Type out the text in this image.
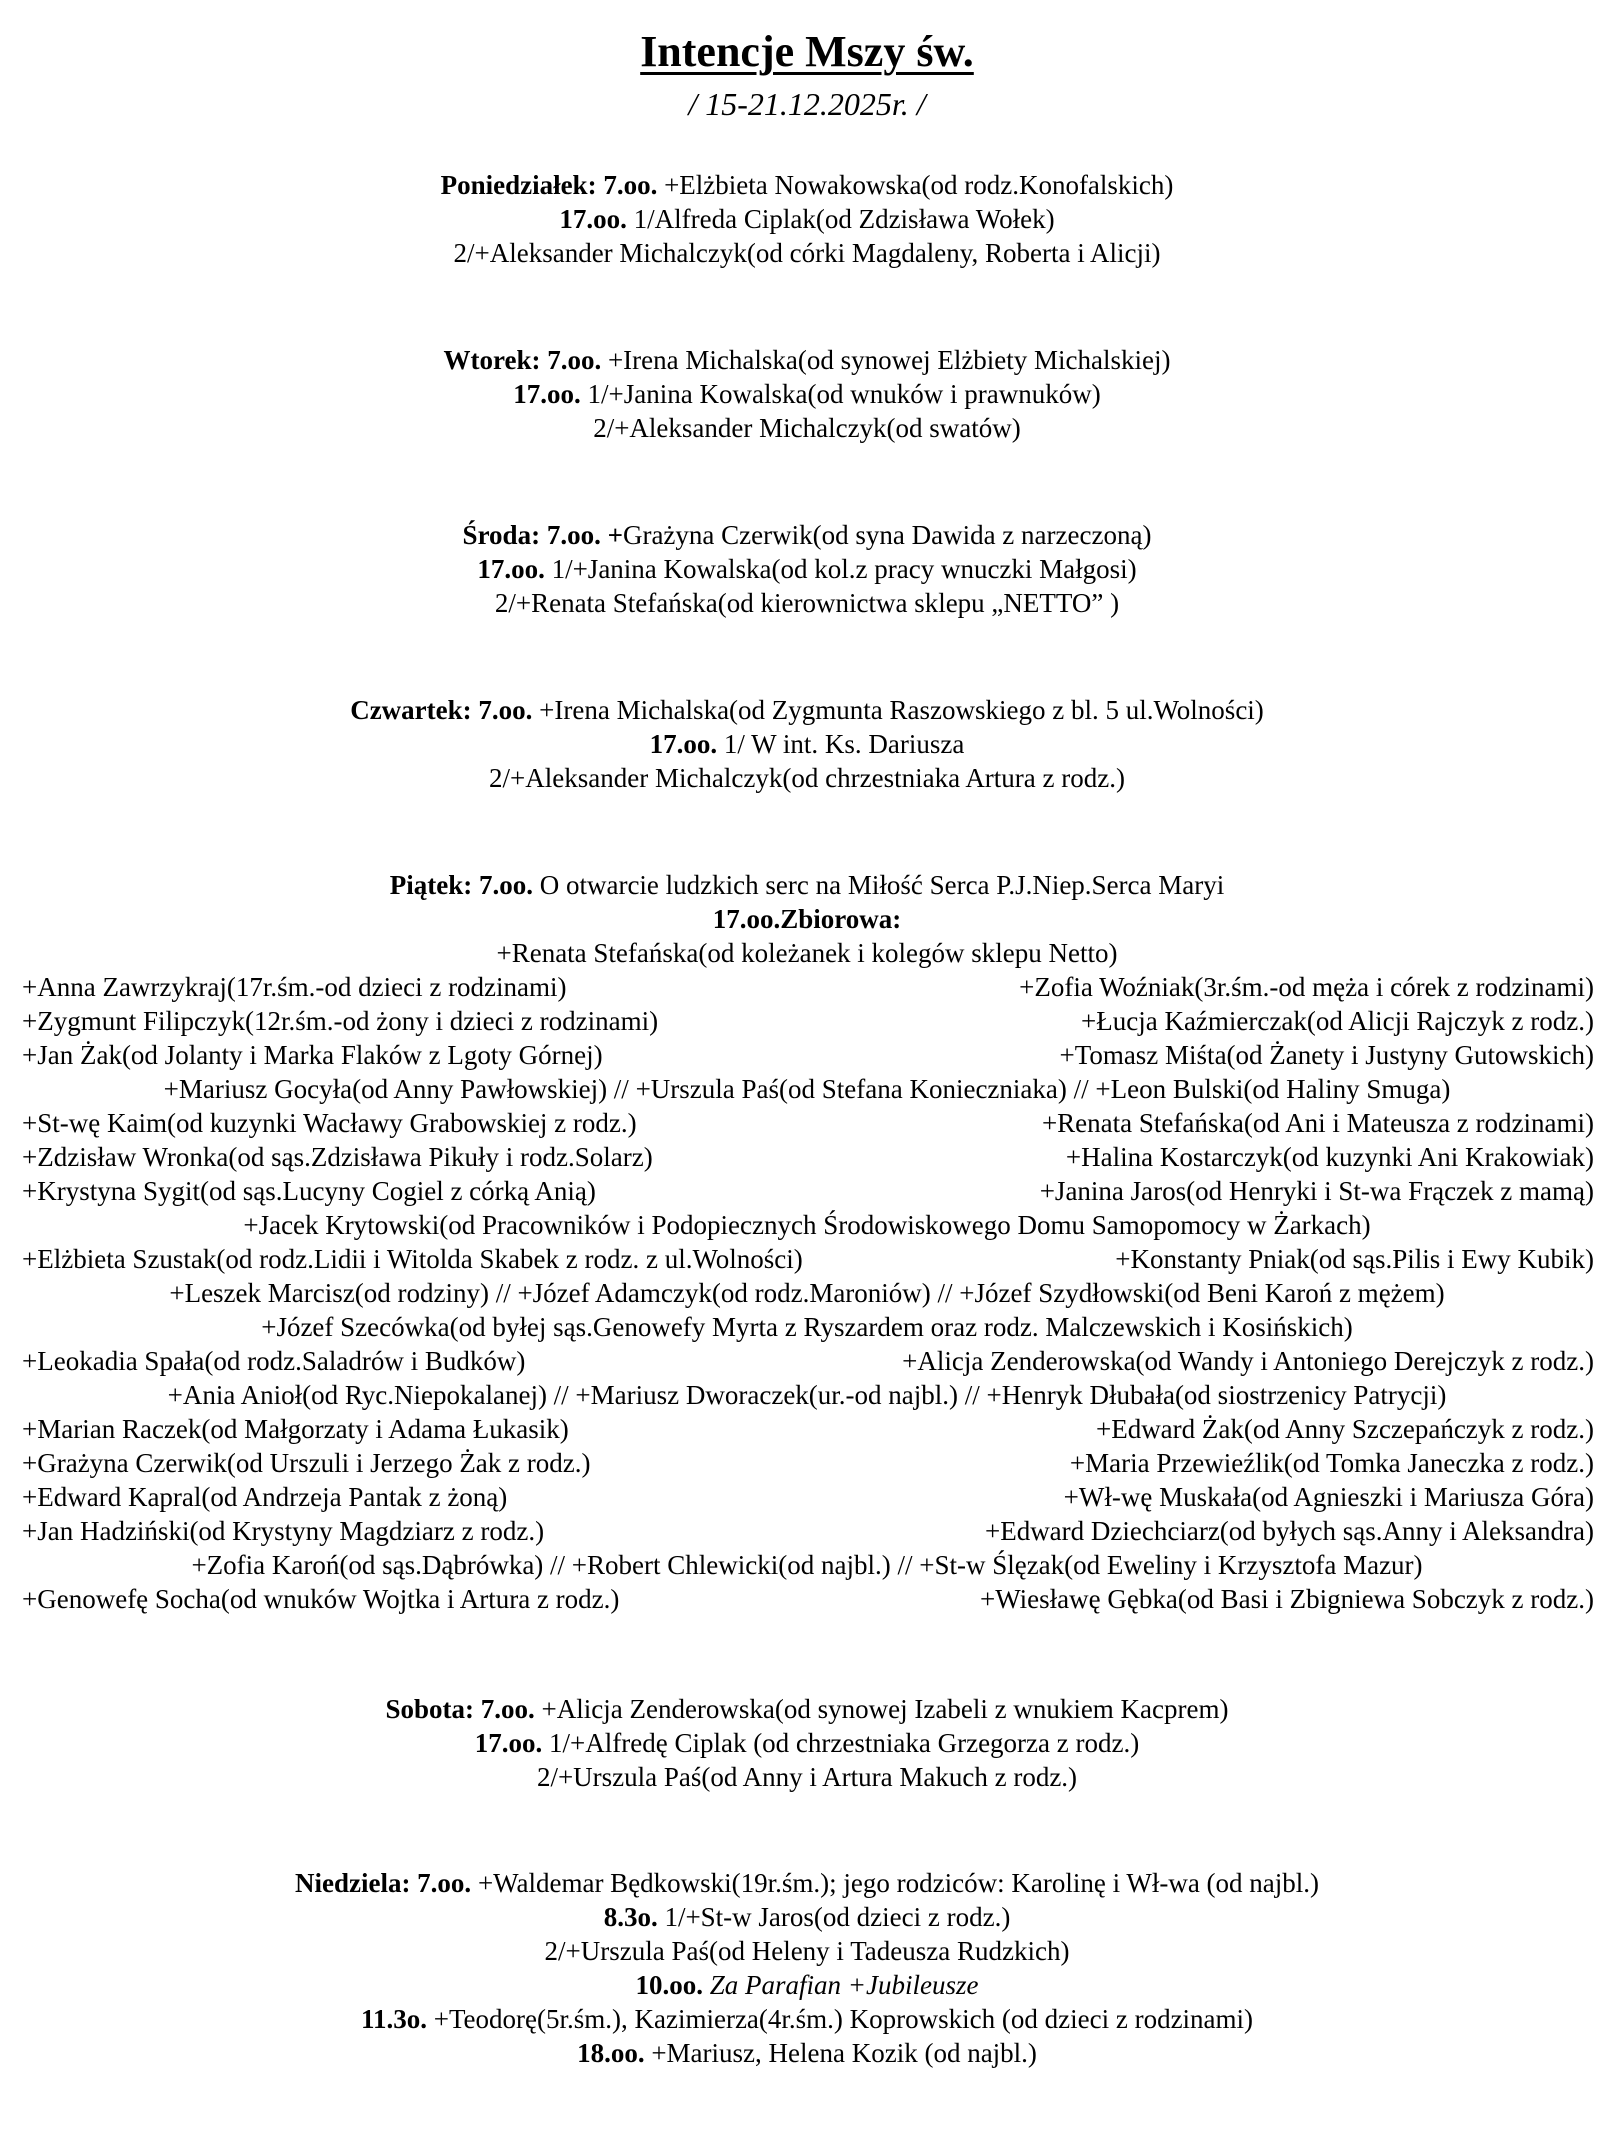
Intencje Mszy św.
/ 15-21.12.2025r. /
Poniedziałek: 7.oo. +Elżbieta Nowakowska(od rodz.Konofalskich)
17.oo. 1/Alfreda Ciplak(od Zdzisława Wołek)
2/+Aleksander Michalczyk(od córki Magdaleny, Roberta i Alicji)
Wtorek: 7.oo. +Irena Michalska(od synowej Elżbiety Michalskiej)
17.oo. 1/+Janina Kowalska(od wnuków i prawnuków)
2/+Aleksander Michalczyk(od swatów)
Środa: 7.oo. +Grażyna Czerwik(od syna Dawida z narzeczoną)
17.oo. 1/+Janina Kowalska(od kol.z pracy wnuczki Małgosi)
2/+Renata Stefańska(od kierownictwa sklepu „NETTO” )
Czwartek: 7.oo. +Irena Michalska(od Zygmunta Raszowskiego z bl. 5 ul.Wolności)
17.oo. 1/ W int. Ks. Dariusza
2/+Aleksander Michalczyk(od chrzestniaka Artura z rodz.)
Piątek: 7.oo. O otwarcie ludzkich serc na Miłość Serca P.J.Niep.Serca Maryi
17.oo.Zbiorowa:
+Renata Stefańska(od koleżanek i kolegów sklepu Netto)
+Anna Zawrzykraj(17r.śm.-od dzieci z rodzinami)	+Zofia Woźniak(3r.śm.-od męża i córek z rodzinami)
+Zygmunt Filipczyk(12r.śm.-od żony i dzieci z rodzinami)	+Łucja Kaźmierczak(od Alicji Rajczyk z rodz.)
+Jan Żak(od Jolanty i Marka Flaków z Lgoty Górnej)	+Tomasz Miśta(od Żanety i Justyny Gutowskich)
+Mariusz Gocyła(od Anny Pawłowskiej) // +Urszula Paś(od Stefana Konieczniaka) // +Leon Bulski(od Haliny Smuga)
+St-wę Kaim(od kuzynki Wacławy Grabowskiej z rodz.)	+Renata Stefańska(od Ani i Mateusza z rodzinami)
+Zdzisław Wronka(od sąs.Zdzisława Pikuły i rodz.Solarz)	+Halina Kostarczyk(od kuzynki Ani Krakowiak)
+Krystyna Sygit(od sąs.Lucyny Cogiel z córką Anią)	+Janina Jaros(od Henryki i St-wa Frączek z mamą)
+Jacek Krytowski(od Pracowników i Podopiecznych Środowiskowego Domu Samopomocy w Żarkach)
+Elżbieta Szustak(od rodz.Lidii i Witolda Skabek z rodz. z ul.Wolności)	+Konstanty Pniak(od sąs.Pilis i Ewy Kubik)
+Leszek Marcisz(od rodziny) // +Józef Adamczyk(od rodz.Maroniów) // +Józef Szydłowski(od Beni Karoń z mężem)
+Józef Szecówka(od byłej sąs.Genowefy Myrta z Ryszardem oraz rodz. Malczewskich i Kosińskich)
+Leokadia Spała(od rodz.Saladrów i Budków)	+Alicja Zenderowska(od Wandy i Antoniego Derejczyk z rodz.)
+Ania Anioł(od Ryc.Niepokalanej) // +Mariusz Dworaczek(ur.-od najbl.) // +Henryk Dłubała(od siostrzenicy Patrycji)
+Marian Raczek(od Małgorzaty i Adama Łukasik)	+Edward Żak(od Anny Szczepańczyk z rodz.)
+Grażyna Czerwik(od Urszuli i Jerzego Żak z rodz.)	+Maria Przewieźlik(od Tomka Janeczka z rodz.)
+Edward Kapral(od Andrzeja Pantak z żoną)	+Wł-wę Muskała(od Agnieszki i Mariusza Góra)
+Jan Hadziński(od Krystyny Magdziarz z rodz.)	+Edward Dziechciarz(od byłych sąs.Anny i Aleksandra)
+Zofia Karoń(od sąs.Dąbrówka) // +Robert Chlewicki(od najbl.) // +St-w Ślęzak(od Eweliny i Krzysztofa Mazur)
+Genowefę Socha(od wnuków Wojtka i Artura z rodz.)	+Wiesławę Gębka(od Basi i Zbigniewa Sobczyk z rodz.)
Sobota: 7.oo. +Alicja Zenderowska(od synowej Izabeli z wnukiem Kacprem)
17.oo. 1/+Alfredę Ciplak (od chrzestniaka Grzegorza z rodz.)
2/+Urszula Paś(od Anny i Artura Makuch z rodz.)
Niedziela: 7.oo. +Waldemar Będkowski(19r.śm.); jego rodziców: Karolinę i Wł-wa (od najbl.)
8.3o. 1/+St-w Jaros(od dzieci z rodz.)
2/+Urszula Paś(od Heleny i Tadeusza Rudzkich)
10.oo. Za Parafian +Jubileusze
11.3o. +Teodorę(5r.śm.), Kazimierza(4r.śm.) Koprowskich (od dzieci z rodzinami)
18.oo. +Mariusz, Helena Kozik (od najbl.)
